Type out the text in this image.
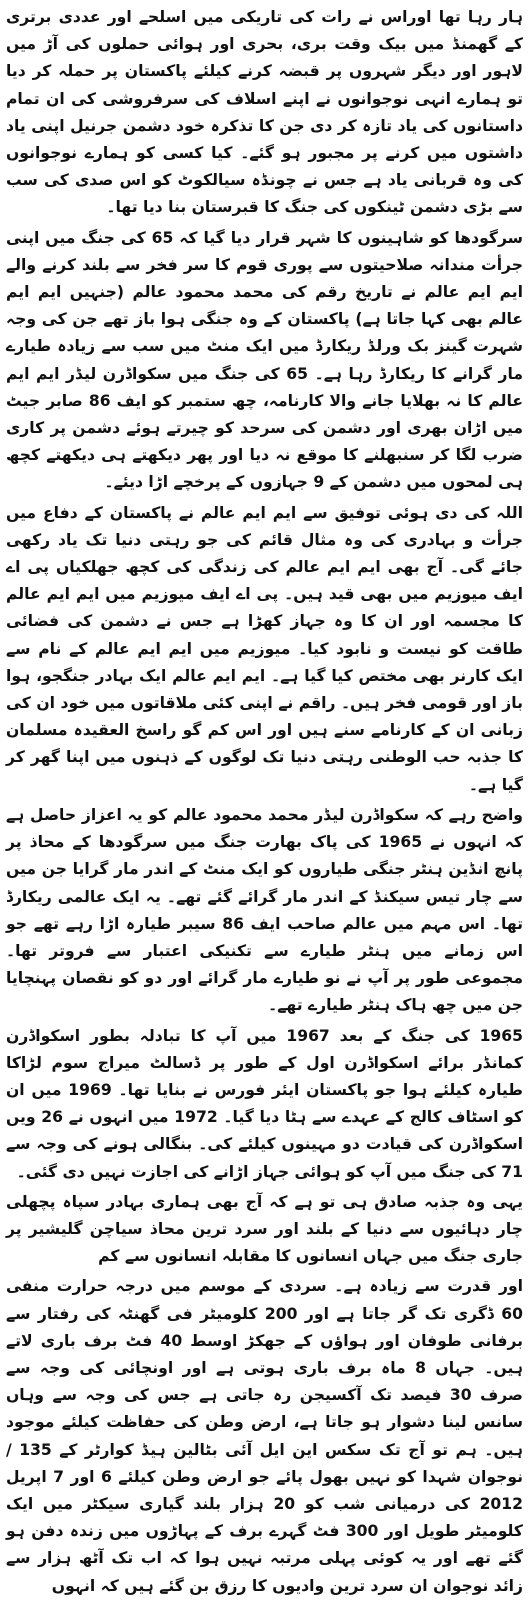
ہار رہا تھا اوراس نے رات کی تاریکی میں اسلحے اور عددی برتری کے گھمنڈ میں بیک وقت بری، بحری اور ہوائی حملوں کی آڑ میں لاہور اور دیگر شہروں پر قبضہ کرنے کیلئے پاکستان پر حملہ کر دیا تو ہمارے انہی نوجوانوں نے اپنے اسلاف کی سرفروشی کی ان تمام داستانوں کی یاد تازہ کر دی جن کا تذکرہ خود دشمن جرنیل اپنی یاد داشتوں میں کرنے پر مجبور ہو گئے۔ کیا کسی کو ہمارے نوجوانوں کی وہ قربانی یاد ہے جس نے چونڈہ سیالکوٹ کو اس صدی کی سب سے بڑی دشمن ٹینکوں کی جنگ کا قبرستان بنا دیا تھا۔

سرگودھا کو شاہینوں کا شہر قرار دیا گیا کہ 65 کی جنگ میں اپنی جرأت مندانہ صلاحیتوں سے پوری قوم کا سر فخر سے بلند کرنے والے ایم ایم عالم نے تاریخ رقم کی محمد محمود عالم (جنہیں ایم ایم عالم بھی کہا جاتا ہے) پاکستان کے وہ جنگی ہوا باز تھے جن کی وجہ شہرت گینز بک ورلڈ ریکارڈ میں ایک منٹ میں سب سے زیادہ طیارے مار گرانے کا ریکارڈ رہا ہے۔ 65 کی جنگ میں سکواڈرن لیڈر ایم ایم عالم کا نہ بھلایا جانے والا کارنامہ، چھ ستمبر کو ایف 86 صابر جیٹ میں اڑان بھری اور دشمن کی سرحد کو چیرتے ہوئے دشمن پر کاری ضرب لگا کر سنبھلنے کا موقع نہ دیا اور پھر دیکھتے ہی دیکھتے کچھ ہی لمحوں میں دشمن کے 9 جہازوں کے پرخچے اڑا دیئے۔

اللہ کی دی ہوئی توفیق سے ایم ایم عالم نے پاکستان کے دفاع میں جرأت و بہادری کی وہ مثال قائم کی جو رہتی دنیا تک یاد رکھی جائے گی۔ آج بھی ایم ایم عالم کی زندگی کی کچھ جھلکیاں پی اے ایف میوزیم میں بھی قید ہیں۔ پی اے ایف میوزیم میں ایم ایم عالم کا مجسمہ اور ان کا وہ جہاز کھڑا ہے جس نے دشمن کی فضائی طاقت کو نیست و نابود کیا۔ میوزیم میں ایم ایم عالم کے نام سے ایک کارنر بھی مختص کیا گیا ہے۔ ایم ایم عالم ایک بہادر جنگجو، ہوا باز اور قومی فخر ہیں۔ راقم نے اپنی کئی ملاقاتوں میں خود ان کی زبانی ان کے کارنامے سنے ہیں اور اس کم گو راسخ العقیدہ مسلمان کا جذبہ حب الوطنی رہتی دنیا تک لوگوں کے ذہنوں میں اپنا گھر کر گیا ہے۔

واضح رہے کہ سکواڈرن لیڈر محمد محمود عالم کو یہ اعزاز حاصل ہے کہ انہوں نے 1965 کی پاک بھارت جنگ میں سرگودھا کے محاذ پر پانچ انڈین ہنٹر جنگی طیاروں کو ایک منٹ کے اندر مار گرایا جن میں سے چار تیس سیکنڈ کے اندر مار گرائے گئے تھے۔ یہ ایک عالمی ریکارڈ تھا۔ اس مہم میں عالم صاحب ایف 86 سیبر طیارہ اڑا رہے تھے جو اس زمانے میں ہنٹر طیارے سے تکنیکی اعتبار سے فروتر تھا۔ مجموعی طور پر آپ نے نو طیارے مار گرائے اور دو کو نقصان پہنچایا جن میں چھ ہاک ہنٹر طیارے تھے۔

1965 کی جنگ کے بعد 1967 میں آپ کا تبادلہ بطور اسکواڈرن کمانڈر برائے اسکواڈرن اول کے طور پر ڈسالٹ میراج سوم لڑاکا طیارہ کیلئے ہوا جو پاکستان ایئر فورس نے بنایا تھا۔ 1969 میں ان کو اسٹاف کالج کے عہدے سے ہٹا دیا گیا۔ 1972 میں انہوں نے 26 ویں اسکواڈرن کی قیادت دو مہینوں کیلئے کی۔ بنگالی ہونے کی وجہ سے 71 کی جنگ میں آپ کو ہوائی جہاز اڑانے کی اجازت نہیں دی گئی۔

یہی وہ جذبہ صادق ہی تو ہے کہ آج بھی ہماری بہادر سپاہ پچھلی چار دہائیوں سے دنیا کے بلند اور سرد ترین محاذ سیاچن گلیشیر پر جاری جنگ میں جہاں انسانوں کا مقابلہ انسانوں سے کم

اور قدرت سے زیادہ ہے۔ سردی کے موسم میں درجہ حرارت منفی 60 ڈگری تک گر جاتا ہے اور 200 کلومیٹر فی گھنٹہ کی رفتار سے برفانی طوفان اور ہواؤں کے جھکڑ اوسط 40 فٹ برف باری لاتے ہیں۔ جہاں 8 ماہ برف باری ہوتی ہے اور اونچائی کی وجہ سے صرف 30 فیصد تک آکسیجن رہ جاتی ہے جس کی وجہ سے وہاں سانس لینا دشوار ہو جاتا ہے، ارض وطن کی حفاظت کیلئے موجود ہیں۔ ہم تو آج تک سکس این ایل آئی بٹالین ہیڈ کوارٹر کے 135 / نوجوان شہدا کو نہیں بھول پائے جو ارض وطن کیلئے 6 اور 7 اپریل 2012 کی درمیانی شب کو 20 ہزار بلند گیاری سیکٹر میں ایک کلومیٹر طویل اور 300 فٹ گہرے برف کے پہاڑوں میں زندہ دفن ہو گئے تھے اور یہ کوئی پہلی مرتبہ نہیں ہوا کہ اب تک آٹھ ہزار سے زائد نوجوان ان سرد ترین وادیوں کا رزق بن گئے ہیں کہ انہوں
